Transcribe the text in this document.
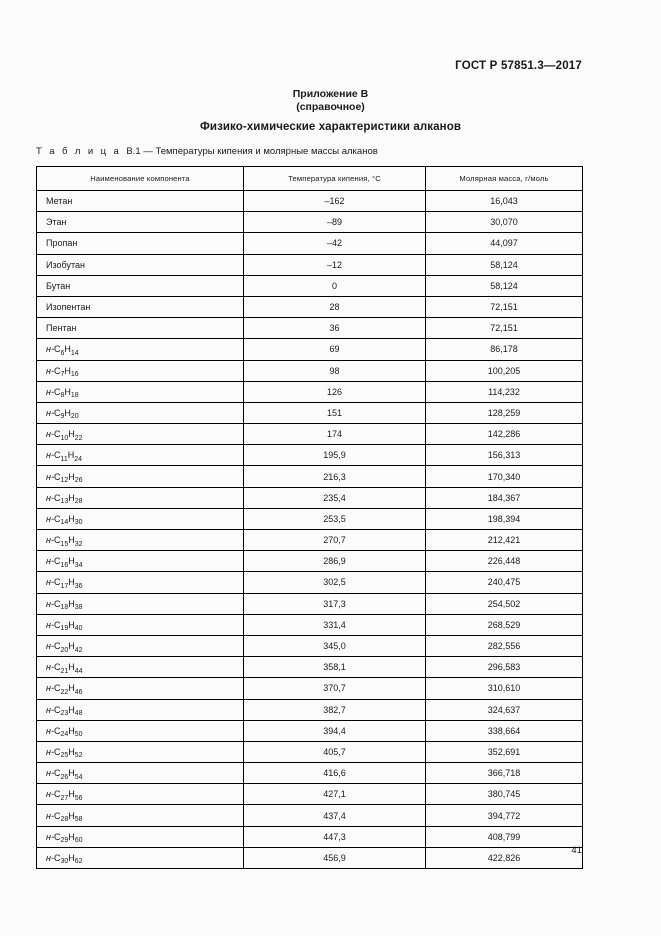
ГОСТ Р 57851.3—2017
Приложение В
(справочное)
Физико-химические характеристики алканов
Т а б л и ц а В.1 — Температуры кипения и молярные массы алканов
Наименование компонента	Температура кипения, °С	Молярная масса, г/моль
Метан	–162	16,043
Этан	–89	30,070
Пропан	–42	44,097
Изобутан	–12	58,124
Бутан	0	58,124
Изопентан	28	72,151
Пентан	36	72,151
$н-C_6H_{14}$	69	86,178
$н-C_7H_{16}$	98	100,205
$н-C_8H_{18}$	126	114,232
$н-C_9H_{20}$	151	128,259
$н-C_{10}H_{22}$	174	142,286
$н-C_{11}H_{24}$	195,9	156,313
$н-C_{12}H_{26}$	216,3	170,340
$н-C_{13}H_{28}$	235,4	184,367
$н-C_{14}H_{30}$	253,5	198,394
$н-C_{15}H_{32}$	270,7	212,421
$н-C_{16}H_{34}$	286,9	226,448
$н-C_{17}H_{36}$	302,5	240,475
$н-C_{18}H_{38}$	317,3	254,502
$н-C_{19}H_{40}$	331,4	268,529
$н-C_{20}H_{42}$	345,0	282,556
$н-C_{21}H_{44}$	358,1	296,583
$н-C_{22}H_{46}$	370,7	310,610
$н-C_{23}H_{48}$	382,7	324,637
$н-C_{24}H_{50}$	394,4	338,664
$н-C_{25}H_{52}$	405,7	352,691
$н-C_{26}H_{54}$	416,6	366,718
$н-C_{27}H_{56}$	427,1	380,745
$н-C_{28}H_{58}$	437,4	394,772
$н-C_{29}H_{60}$	447,3	408,799
$н-C_{30}H_{62}$	456,9	422,826
41
